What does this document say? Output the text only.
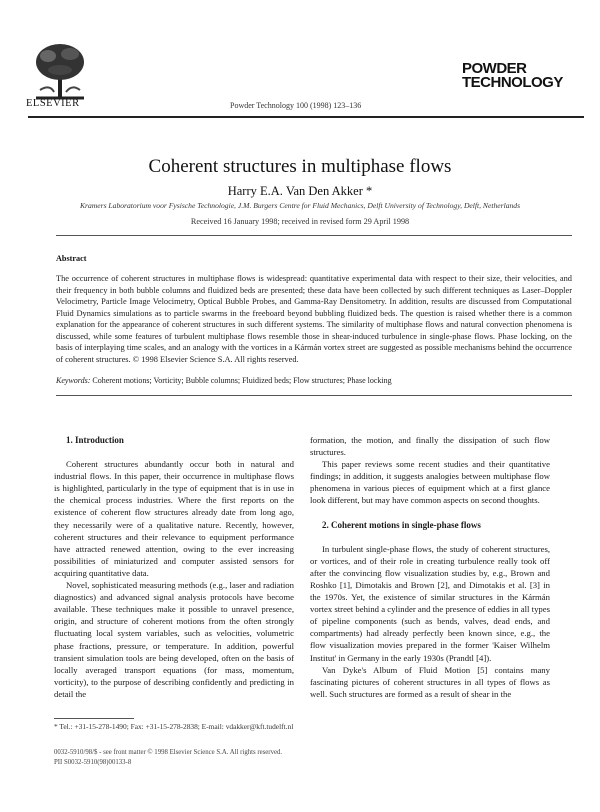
ELSEVIER	Powder Technology 100 (1998) 123–136
POWDER
TECHNOLOGY
Coherent structures in multiphase flows
Harry E.A. Van Den Akker *
Kramers Laboratorium voor Fysische Technologie, J.M. Burgers Centre for Fluid Mechanics, Delft University of Technology, Delft, Netherlands
Received 16 January 1998; received in revised form 29 April 1998
Abstract
The occurrence of coherent structures in multiphase flows is widespread: quantitative experimental data with respect to their size, their velocities, and their frequency in both bubble columns and fluidized beds are presented; these data have been collected by such different techniques as Laser–Doppler Velocimetry, Particle Image Velocimetry, Optical Bubble Probes, and Gamma-Ray Densitometry. In addition, results are discussed from Computational Fluid Dynamics simulations as to particle swarms in the freeboard beyond bubbling fluidized beds. The question is raised whether there is a common explanation for the appearance of coherent structures in such different systems. The similarity of multiphase flows and natural convection phenomena is discussed, while some features of turbulent multiphase flows resemble those in shear-induced turbulence in single-phase flows. Phase locking, on the basis of interplaying time scales, and an analogy with the vortices in a Kármán vortex street are suggested as possible mechanisms behind the occurrence of coherent structures. © 1998 Elsevier Science S.A. All rights reserved.
Keywords: Coherent motions; Vorticity; Bubble columns; Fluidized beds; Flow structures; Phase locking

1. Introduction

Coherent structures abundantly occur both in natural and industrial flows. In this paper, their occurrence in multiphase flows is highlighted, particularly in the type of equipment that is in use in the chemical process industries. Where the first reports on the existence of coherent flow structures already date from long ago, they necessarily were of a qualitative nature. Recently, however, coherent structures and their relevance to equipment performance have attracted renewed attention, owing to the ever increasing possibilities of miniaturized and computer assisted sensors for acquiring quantitative data.

Novel, sophisticated measuring methods (e.g., laser and radiation diagnostics) and advanced signal analysis protocols have become available. These techniques make it possible to unravel presence, origin, and structure of coherent motions from the often strongly fluctuating local system variables, such as velocities, volumetric phase fractions, pressure, or temperature. In addition, powerful transient simulation tools are being developed, often on the basis of locally averaged transport equations (for mass, momentum, vorticity), to the purpose of describing confidently and predicting in detail the

formation, the motion, and finally the dissipation of such flow structures.

This paper reviews some recent studies and their quantitative findings; in addition, it suggests analogies between multiphase flow phenomena in various pieces of equipment which at a first glance look different, but may have common aspects on second thoughts.

2. Coherent motions in single-phase flows

In turbulent single-phase flows, the study of coherent structures, or vortices, and of their role in creating turbulence really took off after the convincing flow visualization studies by, e.g., Brown and Roshko [1], Dimotakis and Brown [2], and Dimotakis et al. [3] in the 1970s. Yet, the existence of similar structures in the Kármán vortex street behind a cylinder and the presence of eddies in all types of pipeline components (such as bends, valves, dead ends, and compartments) had already perfectly been known since, e.g., the flow visualization movies prepared in the former 'Kaiser Wilhelm Institut' in Germany in the early 1930s (Prandtl [4]).

Van Dyke's Album of Fluid Motion [5] contains many fascinating pictures of coherent structures in all types of flows as well. Such structures are formed as a result of shear in the

* Tel.: +31-15-278-1490; Fax: +31-15-278-2838; E-mail: vdakker@kft.tudelft.nl
0032-5910/98/$ - see front matter © 1998 Elsevier Science S.A. All rights reserved.
PII S0032-5910(98)00133-8
